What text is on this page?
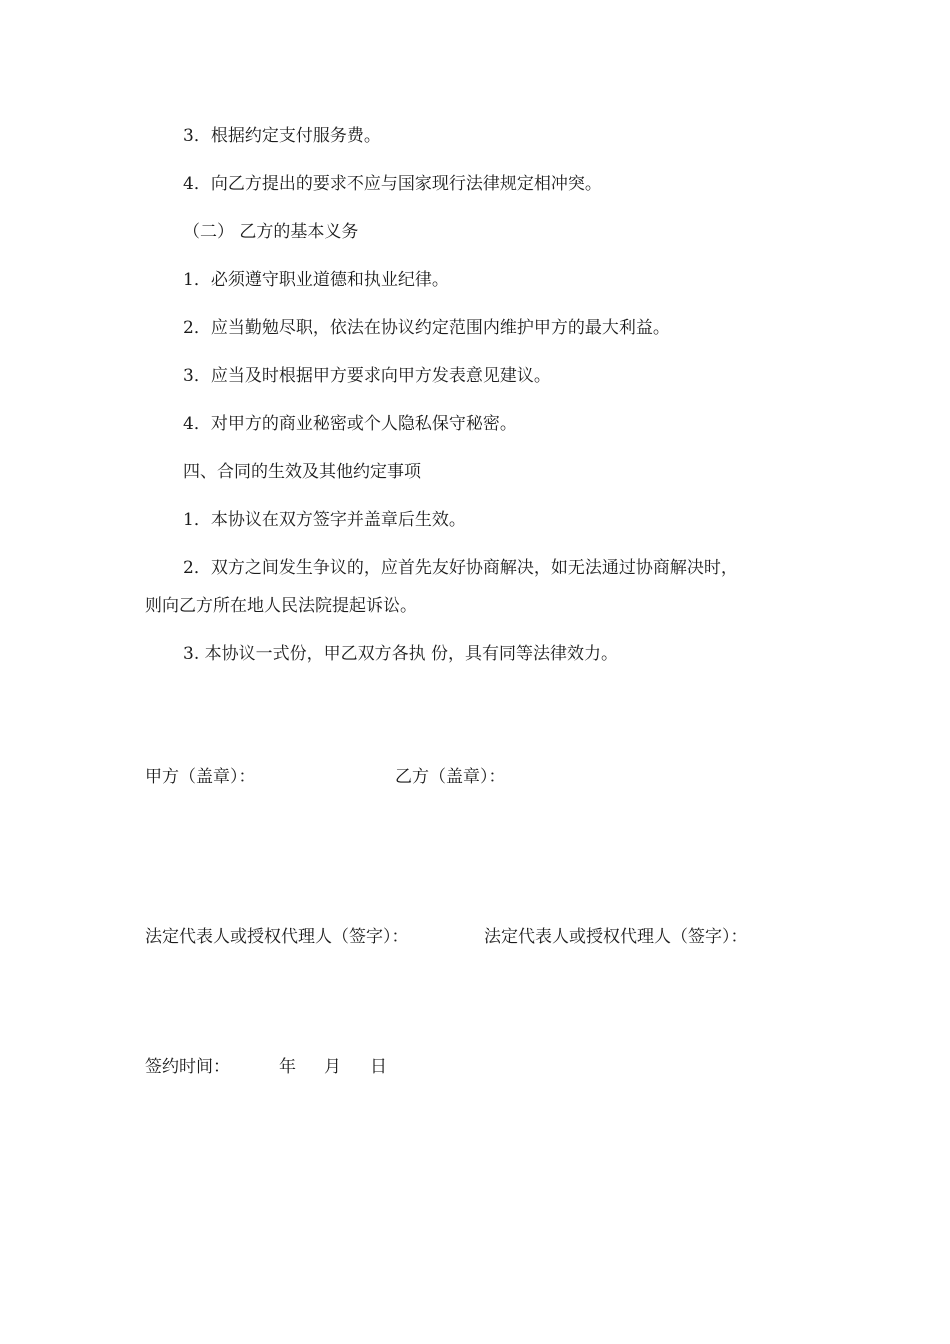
3．根据约定支付服务费。
4．向乙方提出的要求不应与国家现行法律规定相冲突。
（二） 乙方的基本义务
1．必须遵守职业道德和执业纪律。
2．应当勤勉尽职，依法在协议约定范围内维护甲方的最大利益。
3．应当及时根据甲方要求向甲方发表意见建议。
4．对甲方的商业秘密或个人隐私保守秘密。
四、合同的生效及其他约定事项
1．本协议在双方签字并盖章后生效。
2．双方之间发生争议的，应首先友好协商解决，如无法通过协商解决时，
则向乙方所在地人民法院提起诉讼。
3. 本协议一式份，甲乙双方各执 份，具有同等法律效力。
甲方（盖章）：	乙方（盖章）：
法定代表人或授权代理人（签字）：	法定代表人或授权代理人（签字）：
签约时间：	年 月 日
